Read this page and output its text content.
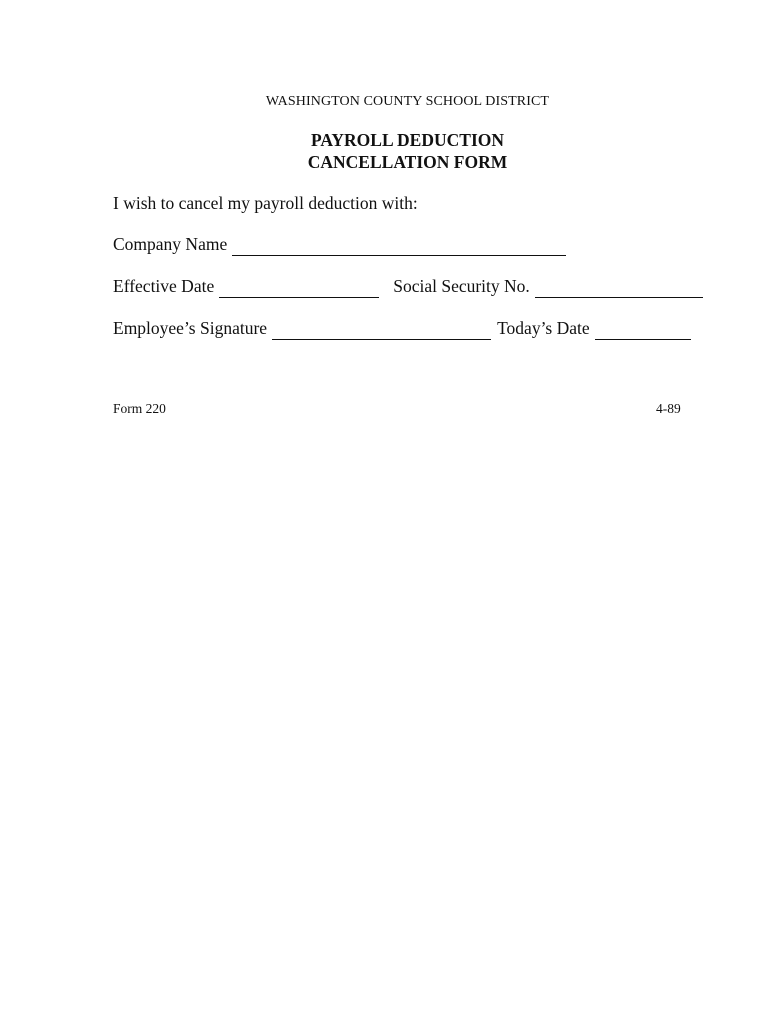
WASHINGTON COUNTY SCHOOL DISTRICT
PAYROLL DEDUCTION
CANCELLATION FORM
I wish to cancel my payroll deduction with:
Company Name
Effective Date	Social Security No.
Employee’s Signature	Today’s Date
Form 220	4-89
